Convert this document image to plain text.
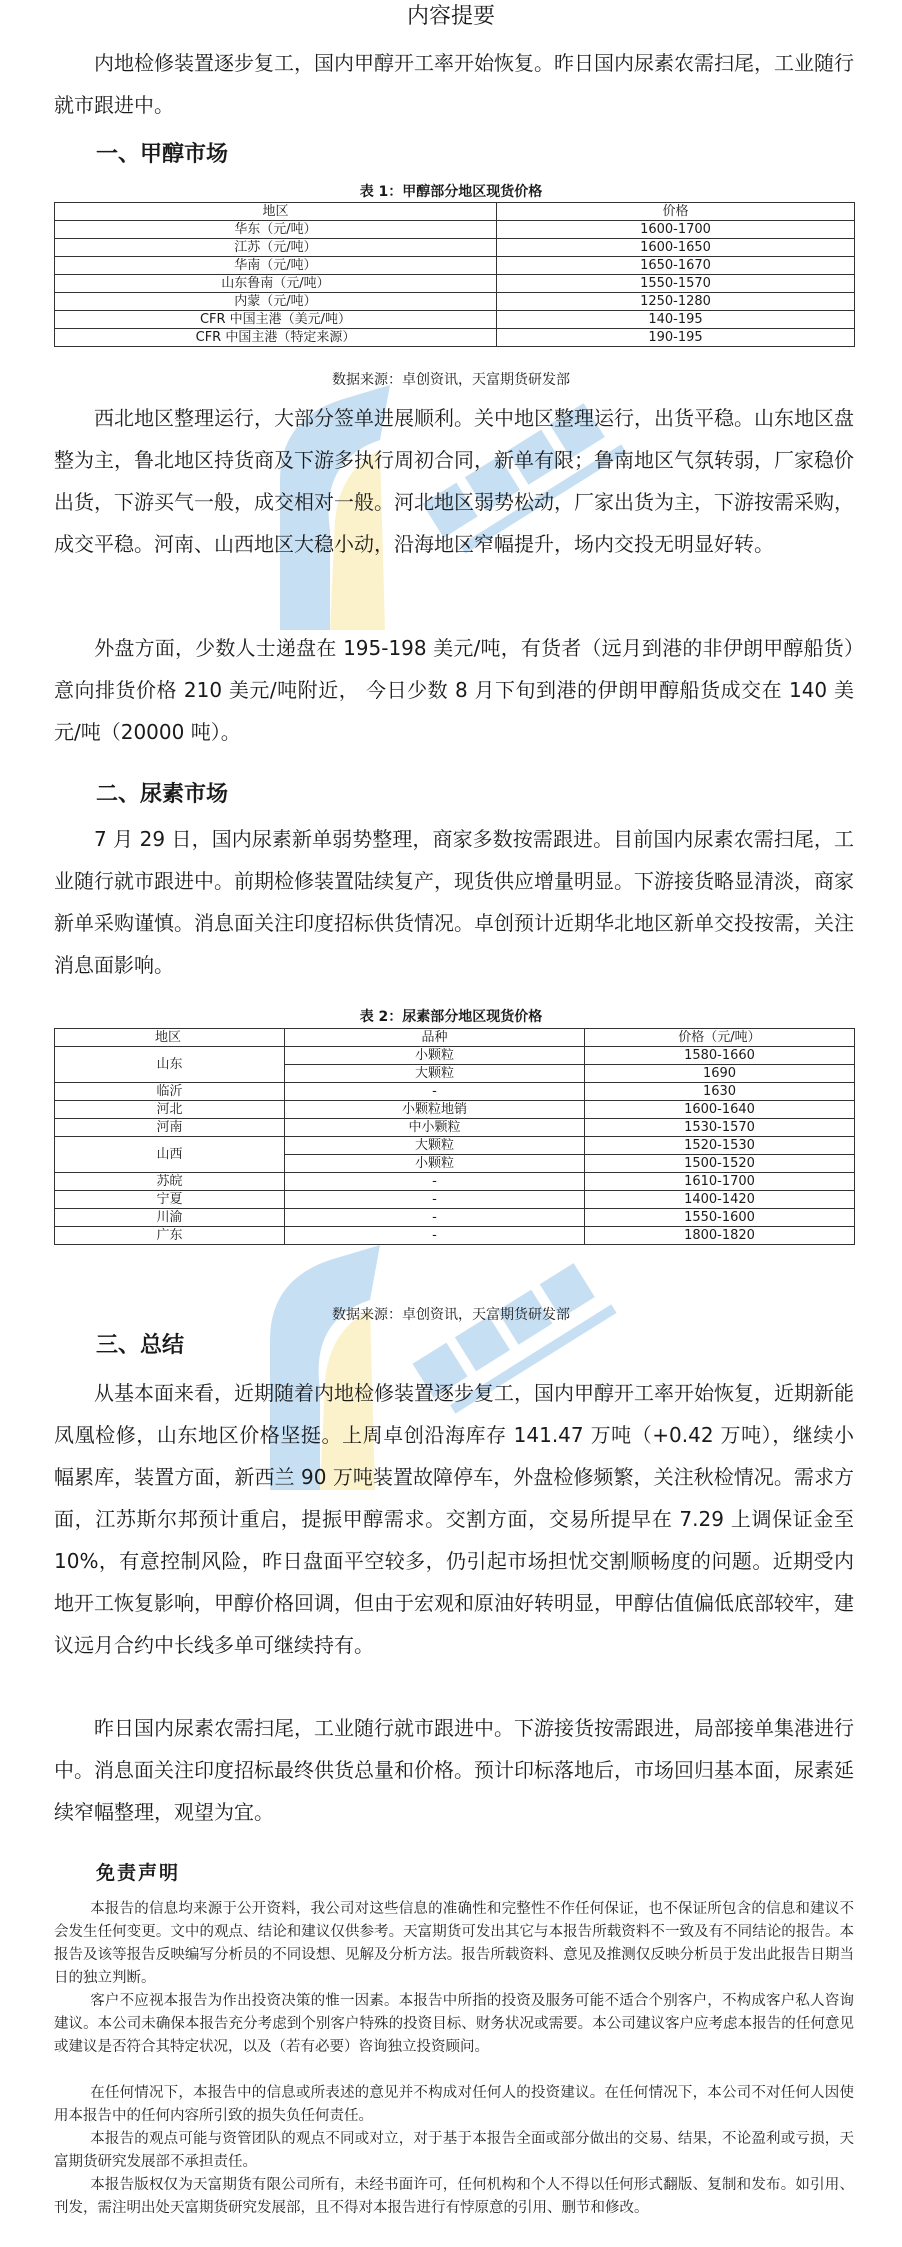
内容提要

内地检修装置逐步复工，国内甲醇开工率开始恢复。昨日国内尿素农需扫尾，工业随行就市跟进中。

一、甲醇市场
表 1：甲醇部分地区现货价格
地区	价格
华东（元/吨）	1600-1700
江苏（元/吨）	1600-1650
华南（元/吨）	1650-1670
山东鲁南（元/吨）	1550-1570
内蒙（元/吨）	1250-1280
CFR 中国主港（美元/吨）	140-195
CFR 中国主港（特定来源）	190-195
数据来源：卓创资讯，天富期货研发部

西北地区整理运行，大部分签单进展顺利。关中地区整理运行，出货平稳。山东地区盘整为主，鲁北地区持货商及下游多执行周初合同，新单有限；鲁南地区气氛转弱，厂家稳价出货，下游买气一般，成交相对一般。河北地区弱势松动，厂家出货为主，下游按需采购，成交平稳。河南、山西地区大稳小动，沿海地区窄幅提升，场内交投无明显好转。

外盘方面，少数人士递盘在 195-198 美元/吨，有货者（远月到港的非伊朗甲醇船货）意向排货价格 210 美元/吨附近， 今日少数 8 月下旬到港的伊朗甲醇船货成交在 140 美元/吨（20000 吨）。

二、尿素市场

7 月 29 日，国内尿素新单弱势整理，商家多数按需跟进。目前国内尿素农需扫尾，工业随行就市跟进中。前期检修装置陆续复产，现货供应增量明显。下游接货略显清淡，商家新单采购谨慎。消息面关注印度招标供货情况。卓创预计近期华北地区新单交投按需，关注消息面影响。

表 2：尿素部分地区现货价格
地区	品种	价格（元/吨）
山东	小颗粒	1580-1660
	大颗粒	1690
临沂	-	1630
河北	小颗粒地销	1600-1640
河南	中小颗粒	1530-1570
山西	大颗粒	1520-1530
	小颗粒	1500-1520
苏皖	-	1610-1700
宁夏	-	1400-1420
川渝	-	1550-1600
广东	-	1800-1820
数据来源：卓创资讯，天富期货研发部
三、总结

从基本面来看，近期随着内地检修装置逐步复工，国内甲醇开工率开始恢复，近期新能凤凰检修，山东地区价格坚挺。上周卓创沿海库存 141.47 万吨（+0.42 万吨），继续小幅累库，装置方面，新西兰 90 万吨装置故障停车，外盘检修频繁，关注秋检情况。需求方面，江苏斯尔邦预计重启，提振甲醇需求。交割方面，交易所提早在 7.29 上调保证金至 10%，有意控制风险，昨日盘面平空较多，仍引起市场担忧交割顺畅度的问题。近期受内地开工恢复影响，甲醇价格回调，但由于宏观和原油好转明显，甲醇估值偏低底部较牢，建议远月合约中长线多单可继续持有。

昨日国内尿素农需扫尾，工业随行就市跟进中。下游接货按需跟进，局部接单集港进行中。消息面关注印度招标最终供货总量和价格。预计印标落地后，市场回归基本面，尿素延续窄幅整理，观望为宜。

免责声明

本报告的信息均来源于公开资料，我公司对这些信息的准确性和完整性不作任何保证，也不保证所包含的信息和建议不会发生任何变更。文中的观点、结论和建议仅供参考。天富期货可发出其它与本报告所载资料不一致及有不同结论的报告。本报告及该等报告反映编写分析员的不同设想、见解及分析方法。报告所载资料、意见及推测仅反映分析员于发出此报告日期当日的独立判断。

客户不应视本报告为作出投资决策的惟一因素。本报告中所指的投资及服务可能不适合个别客户，不构成客户私人咨询建议。本公司未确保本报告充分考虑到个别客户特殊的投资目标、财务状况或需要。本公司建议客户应考虑本报告的任何意见或建议是否符合其特定状况，以及（若有必要）咨询独立投资顾问。

在任何情况下，本报告中的信息或所表述的意见并不构成对任何人的投资建议。在任何情况下，本公司不对任何人因使用本报告中的任何内容所引致的损失负任何责任。

本报告的观点可能与资管团队的观点不同或对立，对于基于本报告全面或部分做出的交易、结果，不论盈利或亏损，天富期货研究发展部不承担责任。

本报告版权仅为天富期货有限公司所有，未经书面许可，任何机构和个人不得以任何形式翻版、复制和发布。如引用、刊发，需注明出处天富期货研究发展部，且不得对本报告进行有悖原意的引用、删节和修改。
